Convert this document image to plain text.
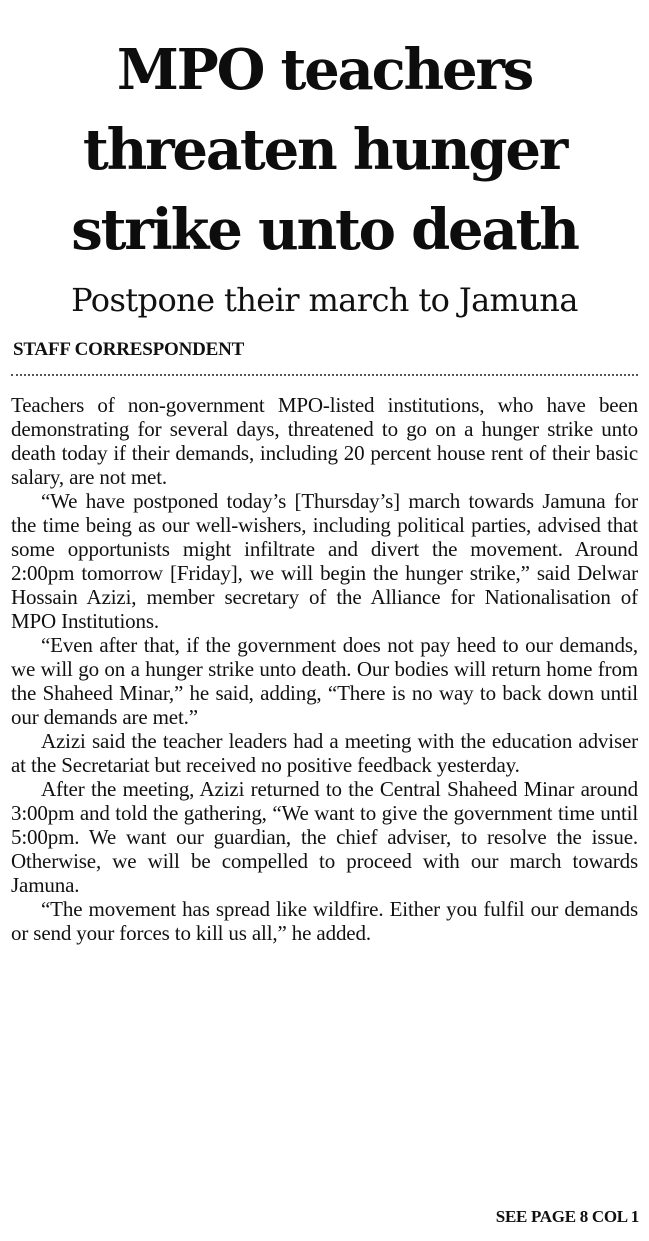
MPO teachers
threaten hunger
strike unto death
Postpone their march to Jamuna
STAFF CORRESPONDENT

Teachers of non-government MPO-listed institutions, who have been demonstrating for several days, threatened to go on a hunger strike unto death today if their demands, including 20 percent house rent of their basic salary, are not met.

“We have postponed today’s [Thursday’s] march towards Jamuna for the time being as our well-wishers, including political parties, advised that some opportunists might infiltrate and divert the movement. Around 2:00pm tomorrow [Friday], we will begin the hunger strike,” said Delwar Hossain Azizi, member secretary of the Alliance for Nationalisation of MPO Institutions.

“Even after that, if the government does not pay heed to our demands, we will go on a hunger strike unto death. Our bodies will return home from the Shaheed Minar,” he said, adding, “There is no way to back down until our demands are met.”

Azizi said the teacher leaders had a meeting with the education adviser at the Secretariat but received no positive feedback yesterday.

After the meeting, Azizi returned to the Central Shaheed Minar around 3:00pm and told the gathering, “We want to give the government time until 5:00pm. We want our guardian, the chief adviser, to resolve the issue. Otherwise, we will be compelled to proceed with our march towards Jamuna.

“The movement has spread like wildfire. Either you fulfil our demands or send your forces to kill us all,” he added.

SEE PAGE 8 COL 1
